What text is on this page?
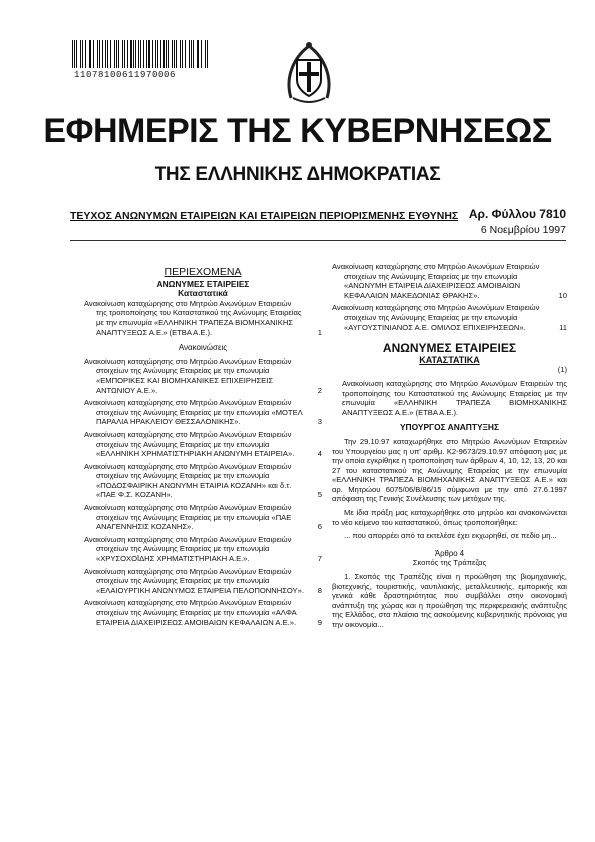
11078100611970006
ΕΦΗΜΕΡΙΣ ΤΗΣ ΚΥΒΕΡΝΗΣΕΩΣ
ΤΗΣ ΕΛΛΗΝΙΚΗΣ ΔΗΜΟΚΡΑΤΙΑΣ
ΤΕΥΧΟΣ ΑΝΩΝΥΜΩΝ ΕΤΑΙΡΕΙΩΝ ΚΑΙ ΕΤΑΙΡΕΙΩΝ ΠΕΡΙΟΡΙΣΜΕΝΗΣ ΕΥΘΥΝΗΣ Αρ. Φύλλου 7810
6 Νοεμβρίου 1997
ΠΕΡΙΕΧΟΜΕΝΑ
ΑΝΩΝΥΜΕΣ ΕΤΑΙΡΕΙΕΣ
Καταστατικά
Ανακοίνωση καταχώρησης στο Μητρώο Ανωνύμων Εταιρειών της τροποποίησης του Καταστατικού της Ανώνυμης Εταιρείας με την επωνυμία «ΕΛΛΗΝΙΚΗ ΤΡΑΠΕΖΑ ΒΙΟΜΗΧΑΝΙΚΗΣ ΑΝΑΠΤΥΞΕΩΣ Α.Ε.» (ΕΤΒΑ Α.Ε.).	1
Ανακοινώσεις
Ανακοίνωση καταχώρησης στο Μητρώο Ανωνύμων Εταιρειών στοιχείων της Ανώνυμης Εταιρείας με την επωνυμία «ΕΜΠΟΡΙΚΕΣ ΚΑΙ ΒΙΟΜΗΧΑΝΙΚΕΣ ΕΠΙΧΕΙΡΗΣΕΙΣ ΑΝΤΩΝΙΟΥ Α.Ε.».	2
Ανακοίνωση καταχώρησης στο Μητρώο Ανωνύμων Εταιρειών στοιχείων της Ανώνυμης Εταιρείας με την επωνυμία «ΜΟΤΕΛ ΠΑΡΑΛΙΑ ΗΡΑΚΛΕΙΟΥ ΘΕΣΣΑΛΟΝΙΚΗΣ».	3
Ανακοίνωση καταχώρησης στο Μητρώο Ανωνύμων Εταιρειών στοιχείων της Ανώνυμης Εταιρείας με την επωνυμία «ΕΛΛΗΝΙΚΗ ΧΡΗΜΑΤΙΣΤΗΡΙΑΚΗ ΑΝΩΝΥΜΗ ΕΤΑΙΡΕΙΑ».	4
Ανακοίνωση καταχώρησης στο Μητρώο Ανωνύμων Εταιρειών στοιχείων της Ανώνυμης Εταιρείας με την επωνυμία «ΠΟΔΟΣΦΑΙΡΙΚΗ ΑΝΩΝΥΜΗ ΕΤΑΙΡΙΑ ΚΟΖΑΝΗ» και δ.τ. «ΠΑΕ Φ.Σ. ΚΟΖΑΝΗ».	5
Ανακοίνωση καταχώρησης στο Μητρώο Ανωνύμων Εταιρειών στοιχείων της Ανώνυμης Εταιρείας με την επωνυμία «ΠΑΕ ΑΝΑΓΕΝΝΗΣΙΣ ΚΟΖΑΝΗΣ».	6
Ανακοίνωση καταχώρησης στο Μητρώο Ανωνύμων Εταιρειών στοιχείων της Ανώνυμης Εταιρείας με την επωνυμία «ΧΡΥΣΟΧΟΪΔΗΣ ΧΡΗΜΑΤΙΣΤΗΡΙΑΚΗ Α.Ε.».	7
Ανακοίνωση καταχώρησης στο Μητρώο Ανωνύμων Εταιρειών στοιχείων της Ανώνυμης Εταιρείας με την επωνυμία «ΕΛΑΙΟΥΡΓΙΚΗ ΑΝΩΝΥΜΟΣ ΕΤΑΙΡΕΙΑ ΠΕΛΟΠΟΝΝΗΣΟΥ». 8
Ανακοίνωση καταχώρησης στο Μητρώο Ανωνύμων Εταιρειών στοιχείων της Ανώνυμης Εταιρείας με την επωνυμία «ΑΛΦΑ ΕΤΑΙΡΕΙΑ ΔΙΑΧΕΙΡΙΣΕΩΣ ΑΜΟΙΒΑΙΩΝ ΚΕΦΑΛΑΙΩΝ Α.Ε.».	9
Ανακοίνωση καταχώρησης στο Μητρώο Ανωνύμων Εταιρειών στοιχείων της Ανώνυμης Εταιρείας με την επωνυμία «ΑΝΩΝΥΜΗ ΕΤΑΙΡΕΙΑ ΔΙΑΧΕΙΡΙΣΕΩΣ ΑΜΟΙΒΑΙΩΝ ΚΕΦΑΛΑΙΩΝ ΜΑΚΕΔΟΝΙΑΣ ΘΡΑΚΗΣ».	10
Ανακοίνωση καταχώρησης στο Μητρώο Ανωνύμων Εταιρειών στοιχείων της Ανώνυμης Εταιρείας με την επωνυμία «ΑΥΓΟΥΣΤΙΝΙΑΝΟΣ Α.Ε. ΟΜΙΛΟΣ ΕΠΙΧΕΙΡΗΣΕΩΝ».	11
ΑΝΩΝΥΜΕΣ ΕΤΑΙΡΕΙΕΣ
ΚΑΤΑΣΤΑΤΙΚΑ
(1)
Ανακοίνωση καταχώρησης στο Μητρώο Ανωνύμων Εταιρειών της τροποποίησης του Καταστατικού της Ανώνυμης Εταιρείας με την επωνυμία «ΕΛΛΗΝΙΚΗ ΤΡΑΠΕΖΑ ΒΙΟΜΗΧΑΝΙΚΗΣ ΑΝΑΠΤΥΞΕΩΣ Α.Ε.» (ΕΤΒΑ Α.Ε.).
ΥΠΟΥΡΓΟΣ ΑΝΑΠΤΥΞΗΣ
Την 29.10.97 καταχωρήθηκε στο Μητρώο Ανωνύμων Εταιρειών του Υπουργείου μας η υπ' αριθμ. Κ2-9673/29.10.97 απόφαση μας με την οποία εγκρίθηκε η τροποποίηση των άρθρων 4, 10, 12, 13, 20 και 27 του καταστατικού της Ανώνυμης Εταιρείας με την επωνυμία «ΕΛΛΗΝΙΚΗ ΤΡΑΠΕΖΑ ΒΙΟΜΗΧΑΝΙΚΗΣ ΑΝΑΠΤΥΞΕΩΣ Α.Ε.» και αρ. Μητρώου 6075/06/Β/86/15 σύμφωνα με την από 27.6.1997 απόφαση της Γενικής Συνέλευσης των μετόχων της.
Με ίδια πράξη μας καταχωρήθηκε στο μητρώο και ανακοινώνεται το νέο κείμενο του καταστατικού, όπως τροποποιήθηκε:
... που απορρέει από τα εκτελέσε έχει εκχωρηθεί, σε πεδίο μη...
Άρθρο 4
Σκοπός της Τράπεζας
1. Σκοπός της Τραπέζης είναι η προώθηση της βιομηχανικής, βιοτεχνικής, τουριστικής, ναυτιλιακής, μεταλλευτικής, εμπορικής και γενικά κάθε δραστηριότητας που συμβάλλει στην οικονομική ανάπτυξη της χώρας και η προώθηση της περιφερειακής ανάπτυξης της Ελλάδος, στα πλαίσια της ασκούμενης κυβερνητικής πρόνοιας για την οικονομία...
